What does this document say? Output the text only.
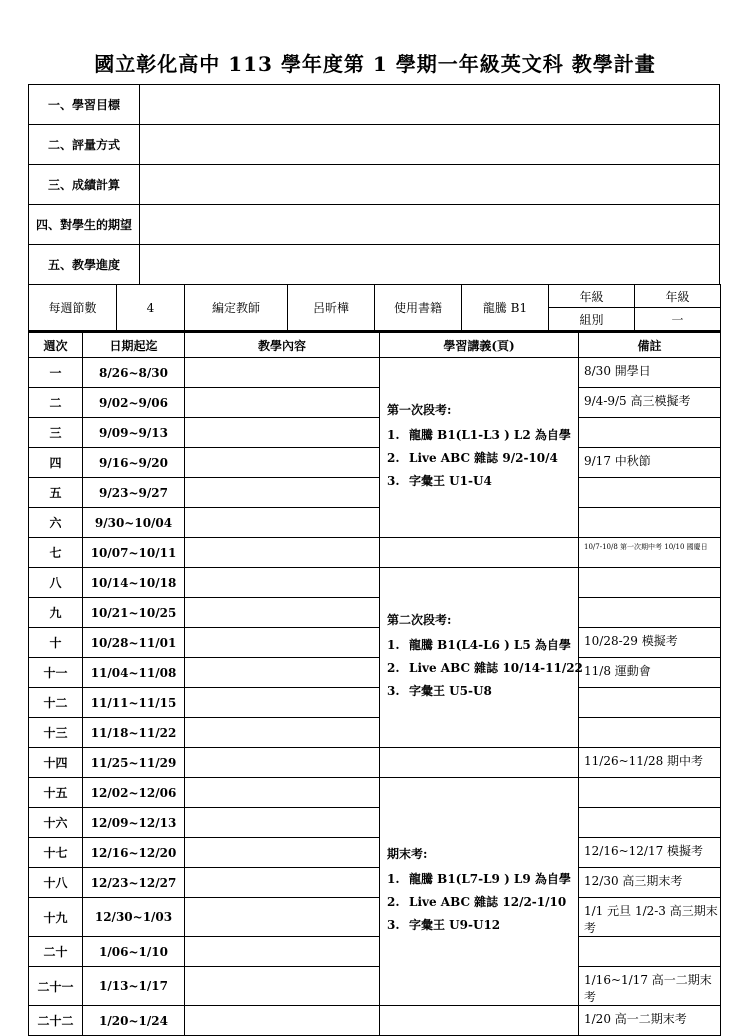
國立彰化高中 113 學年度第 1 學期一年級英文科 教學計畫
一、學習目標	
二、評量方式	
三、成績計算	
四、對學生的期望	
五、教學進度	
每週節數	4	編定教師	呂昕樺	使用書籍	龍騰 B1	年級	年級
						組別	一
週次	日期起迄	教學內容	學習講義(頁)	備註
一	8/26~8/30		第一次段考:
1. 龍騰 B1(L1-L3 ) L2 為自學
2. Live ABC 雜誌 9/2-10/4
3. 字彙王 U1-U4	8/30 開學日
二	9/02~9/06			9/4-9/5 高三模擬考
三	9/09~9/13			
四	9/16~9/20			9/17 中秋節
五	9/23~9/27			
六	9/30~10/04			
七	10/07~10/11			10/7-10/8 第一次期中考 10/10 國慶日
八	10/14~10/18		第二次段考:
1. 龍騰 B1(L4-L6 ) L5 為自學
2. Live ABC 雜誌 10/14-11/22
3. 字彙王 U5-U8	

九	10/21~10/25			
十	10/28~11/01			10/28-29 模擬考
十一	11/04~11/08			11/8 運動會
十二	11/11~11/15			
十三	11/18~11/22			
十四	11/25~11/29			11/26~11/28 期中考
十五	12/02~12/06		期末考:
1. 龍騰 B1(L7-L9 ) L9 為自學
2. Live ABC 雜誌 12/2-1/10
3. 字彙王 U9-U12	

十六	12/09~12/13			
十七	12/16~12/20			12/16~12/17 模擬考
十八	12/23~12/27			12/30 高三期末考
十九	12/30~1/03			1/1 元旦 1/2-3 高三期末考
二十	1/06~1/10			
二十一	1/13~1/17			1/16~1/17 高一二期末考
二十二	1/20~1/24			1/20 高一二期末考
